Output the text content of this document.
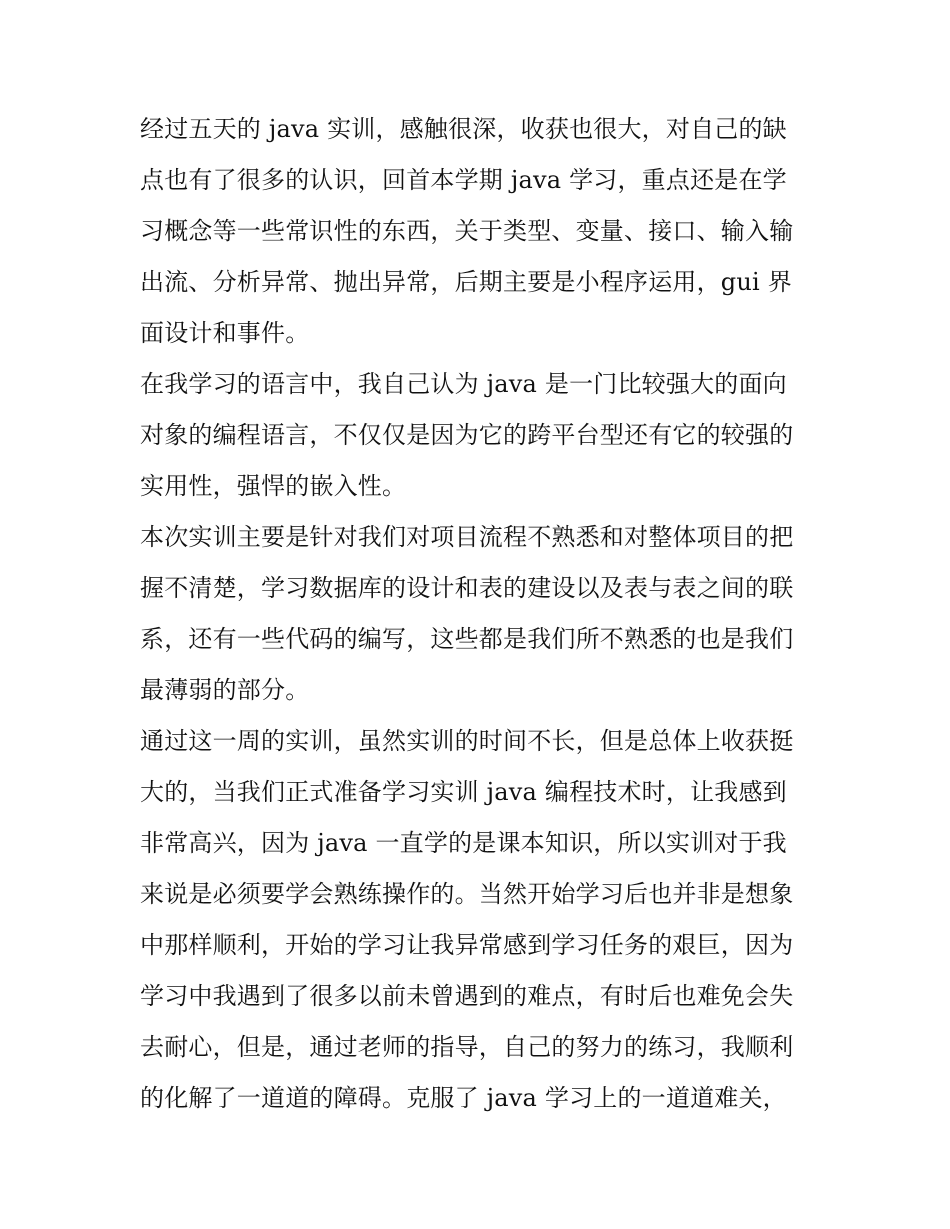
经过五天的 java 实训，感触很深，收获也很大，对自己的缺
点也有了很多的认识，回首本学期 java 学习，重点还是在学
习概念等一些常识性的东西，关于类型、变量、接口、输入输
出流、分析异常、抛出异常，后期主要是小程序运用，gui 界
面设计和事件。
在我学习的语言中，我自己认为 java 是一门比较强大的面向
对象的编程语言，不仅仅是因为它的跨平台型还有它的较强的
实用性，强悍的嵌入性。
本次实训主要是针对我们对项目流程不熟悉和对整体项目的把
握不清楚，学习数据库的设计和表的建设以及表与表之间的联
系，还有一些代码的编写，这些都是我们所不熟悉的也是我们
最薄弱的部分。
通过这一周的实训，虽然实训的时间不长，但是总体上收获挺
大的，当我们正式准备学习实训 java 编程技术时，让我感到
非常高兴，因为 java 一直学的是课本知识，所以实训对于我
来说是必须要学会熟练操作的。当然开始学习后也并非是想象
中那样顺利，开始的学习让我异常感到学习任务的艰巨，因为
学习中我遇到了很多以前未曾遇到的难点，有时后也难免会失
去耐心，但是，通过老师的指导，自己的努力的练习，我顺利
的化解了一道道的障碍。克服了 java 学习上的一道道难关，
